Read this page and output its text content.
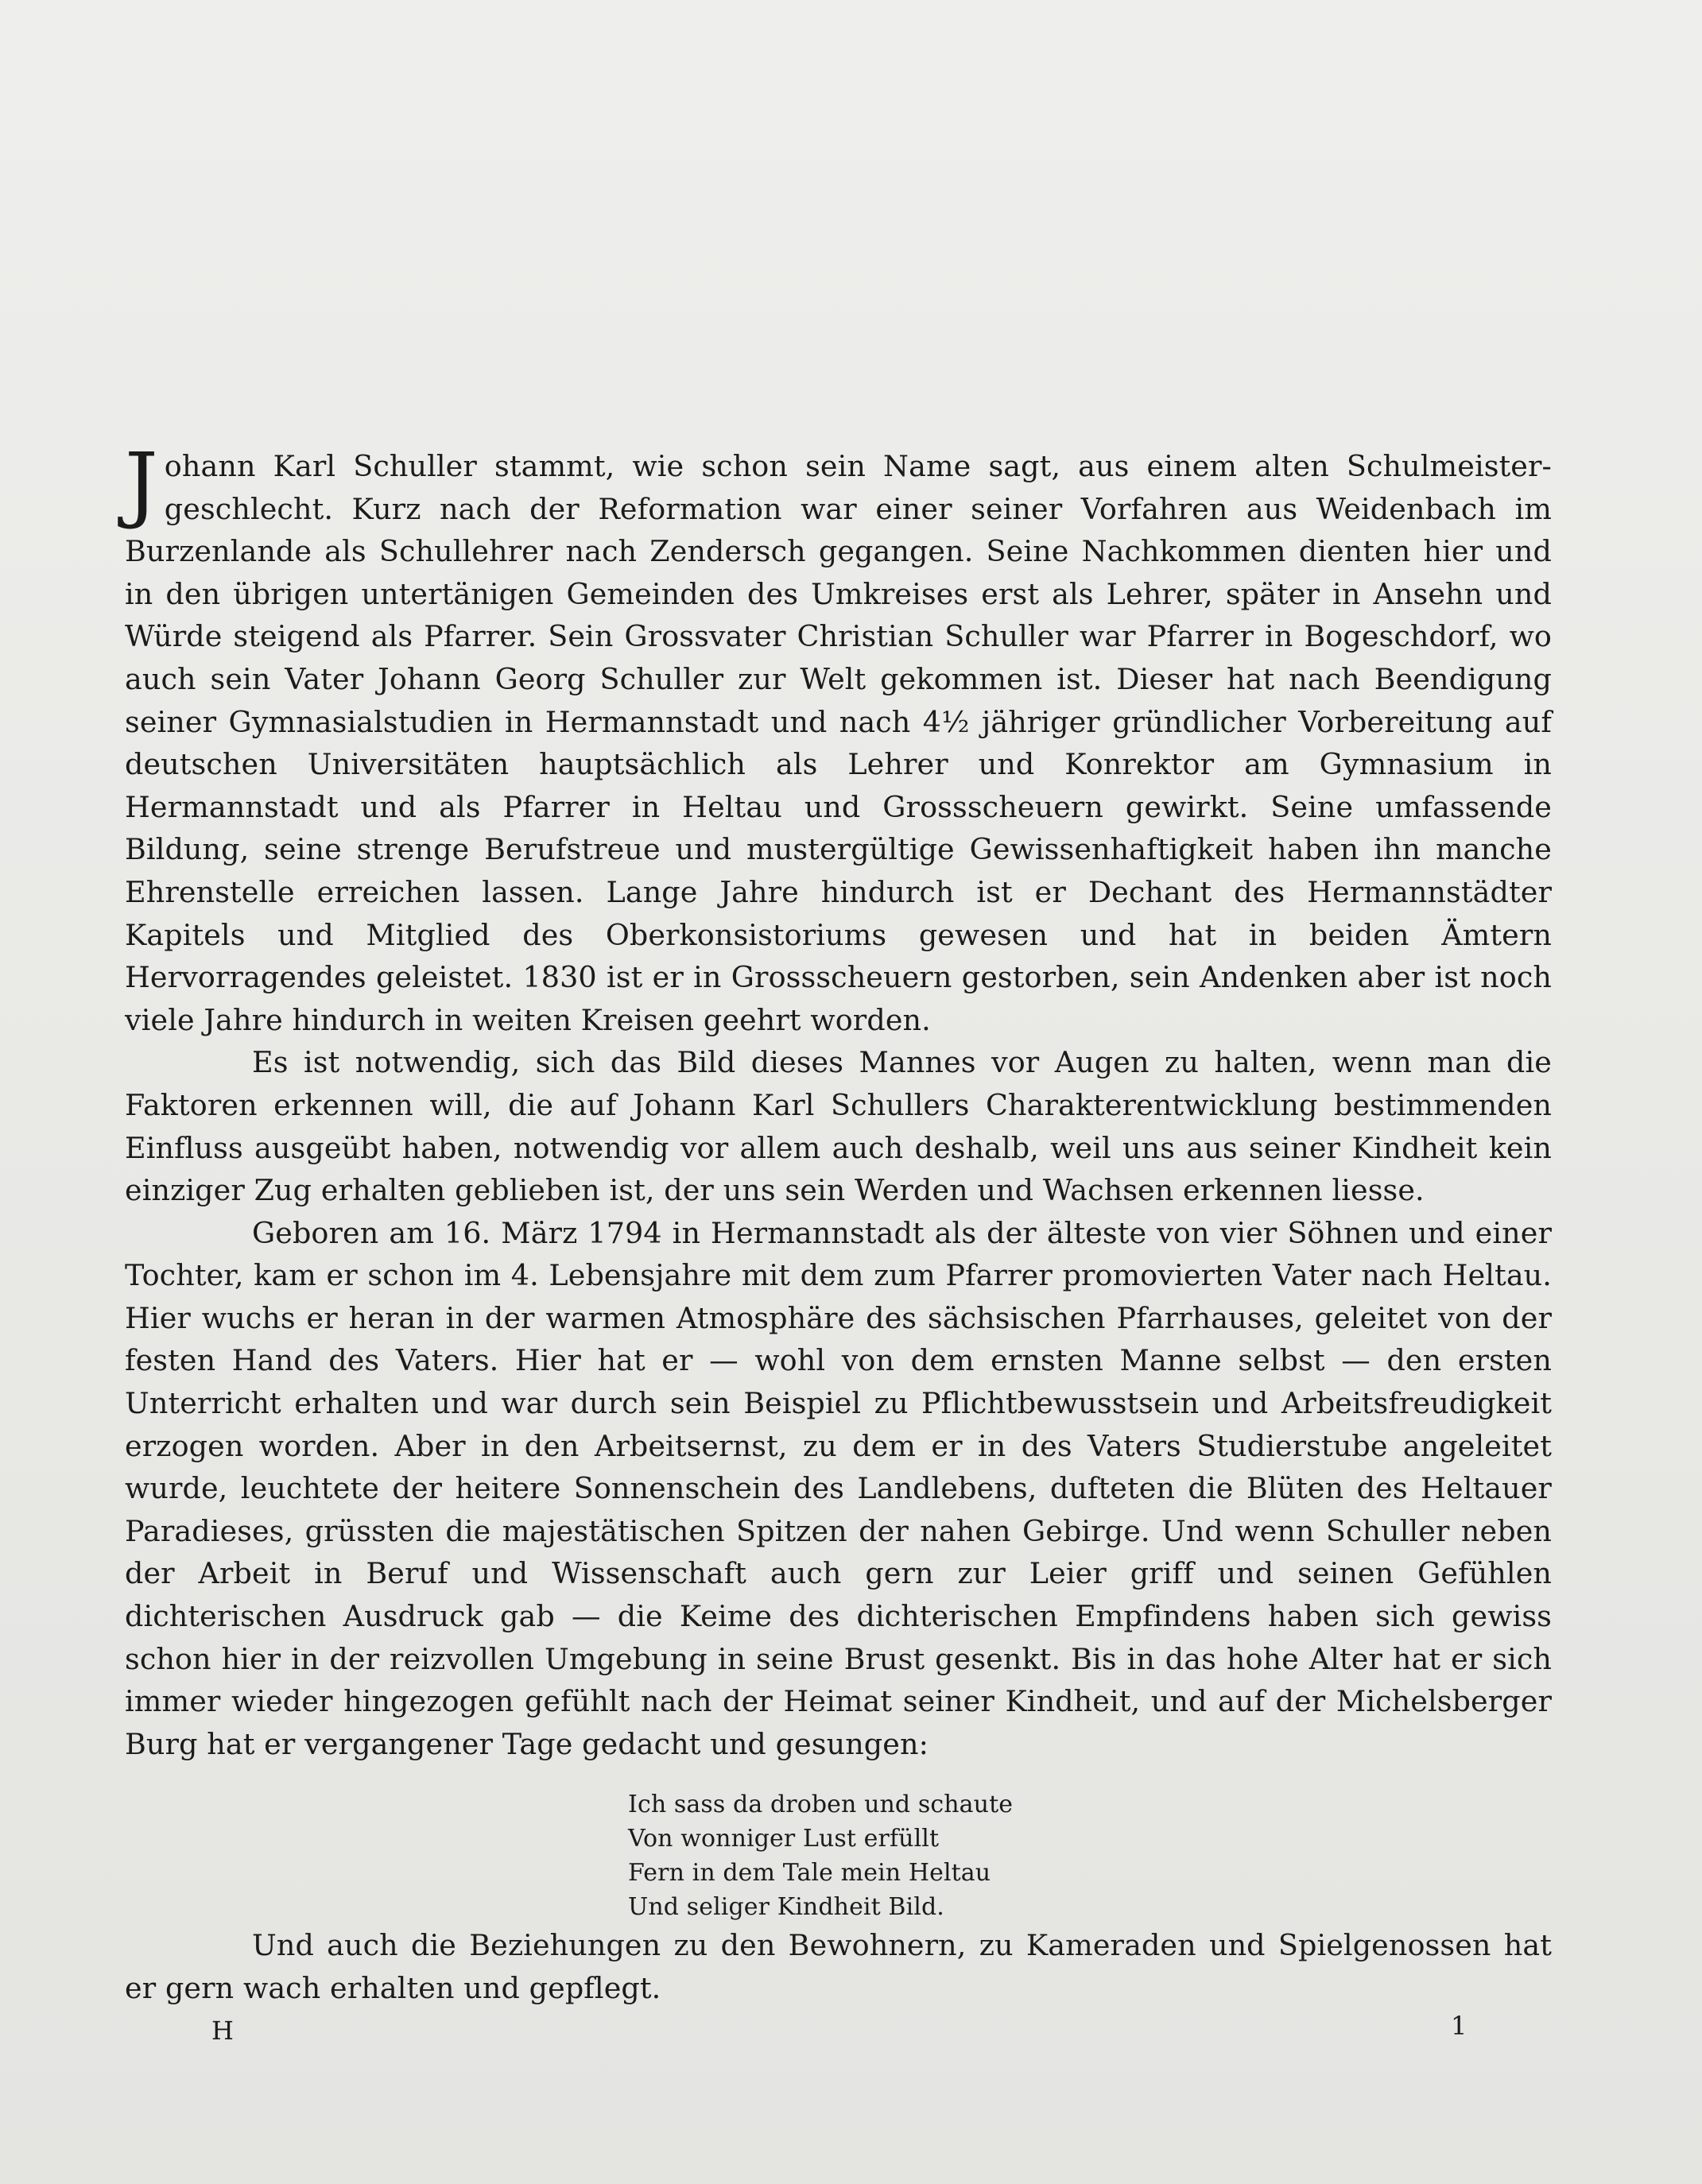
Johann Karl Schuller stammt, wie schon sein Name sagt, aus einem alten Schulmeister-geschlecht. Kurz nach der Reformation war einer seiner Vorfahren aus Weidenbach im Burzenlande als Schullehrer nach Zendersch gegangen. Seine Nachkommen dienten hier und in den übrigen untertänigen Gemeinden des Umkreises erst als Lehrer, später in Ansehn und Würde steigend als Pfarrer. Sein Grossvater Christian Schuller war Pfarrer in Bogeschdorf, wo auch sein Vater Johann Georg Schuller zur Welt gekommen ist. Dieser hat nach Beendigung seiner Gymnasialstudien in Hermannstadt und nach 4½ jähriger gründlicher Vorbereitung auf deutschen Universitäten hauptsächlich als Lehrer und Konrektor am Gymnasium in Hermannstadt und als Pfarrer in Heltau und Grossscheuern gewirkt. Seine umfassende Bildung, seine strenge Berufstreue und mustergültige Gewissenhaftigkeit haben ihn manche Ehrenstelle erreichen lassen. Lange Jahre hindurch ist er Dechant des Hermannstädter Kapitels und Mitglied des Oberkonsistoriums gewesen und hat in beiden Ämtern Hervorragendes geleistet. 1830 ist er in Grossscheuern gestorben, sein Andenken aber ist noch viele Jahre hindurch in weiten Kreisen geehrt worden.

Es ist notwendig, sich das Bild dieses Mannes vor Augen zu halten, wenn man die Faktoren erkennen will, die auf Johann Karl Schullers Charakterentwicklung bestimmenden Einfluss ausgeübt haben, notwendig vor allem auch deshalb, weil uns aus seiner Kindheit kein einziger Zug erhalten geblieben ist, der uns sein Werden und Wachsen erkennen liesse.

Geboren am 16. März 1794 in Hermannstadt als der älteste von vier Söhnen und einer Tochter, kam er schon im 4. Lebensjahre mit dem zum Pfarrer promovierten Vater nach Heltau. Hier wuchs er heran in der warmen Atmosphäre des sächsischen Pfarrhauses, geleitet von der festen Hand des Vaters. Hier hat er — wohl von dem ernsten Manne selbst — den ersten Unterricht erhalten und war durch sein Beispiel zu Pflichtbewusstsein und Arbeitsfreudigkeit erzogen worden. Aber in den Arbeitsernst, zu dem er in des Vaters Studierstube angeleitet wurde, leuchtete der heitere Sonnenschein des Landlebens, dufteten die Blüten des Heltauer Paradieses, grüssten die majestätischen Spitzen der nahen Gebirge. Und wenn Schuller neben der Arbeit in Beruf und Wissenschaft auch gern zur Leier griff und seinen Gefühlen dichterischen Ausdruck gab — die Keime des dichterischen Empfindens haben sich gewiss schon hier in der reizvollen Umgebung in seine Brust gesenkt. Bis in das hohe Alter hat er sich immer wieder hingezogen gefühlt nach der Heimat seiner Kindheit, und auf der Michelsberger Burg hat er vergangener Tage gedacht und gesungen:

Ich sass da droben und schaute
Von wonniger Lust erfüllt
Fern in dem Tale mein Heltau
Und seliger Kindheit Bild.

Und auch die Beziehungen zu den Bewohnern, zu Kameraden und Spielgenossen hat er gern wach erhalten und gepflegt.

H	1
